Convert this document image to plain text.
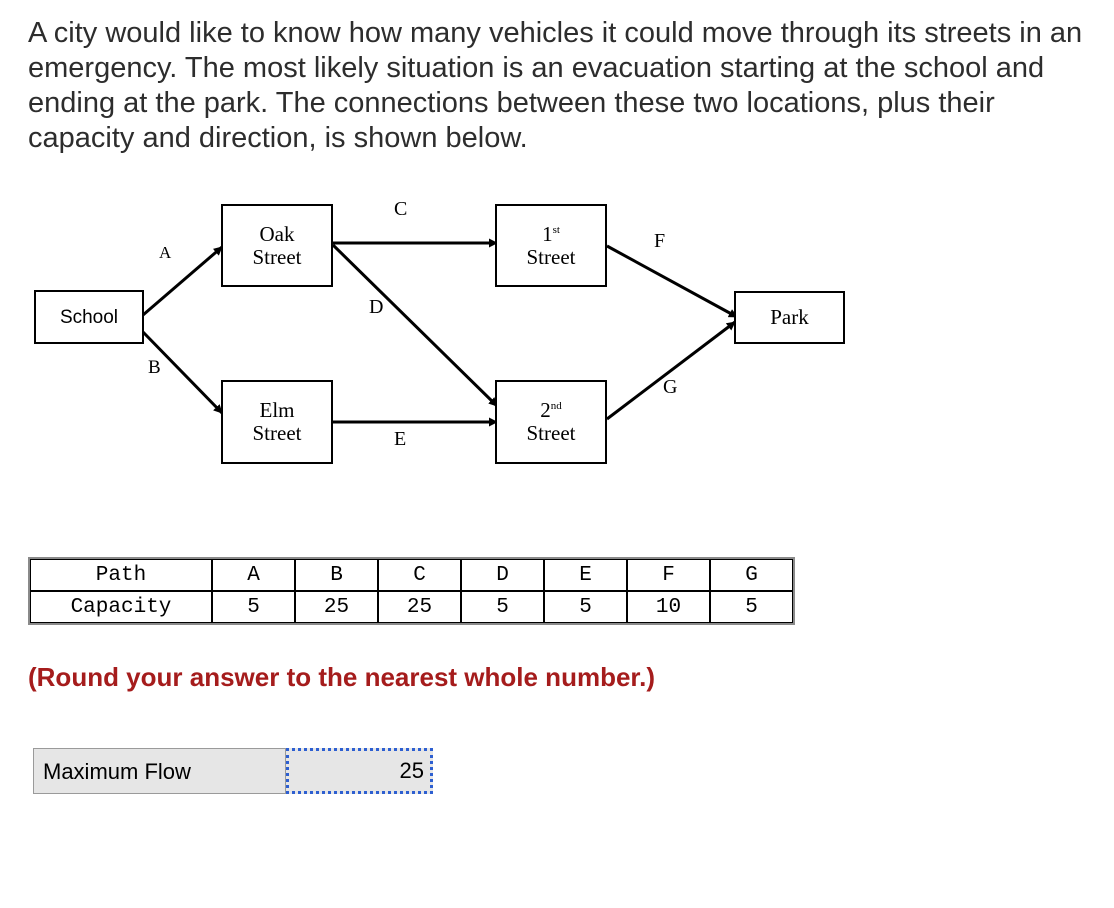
A city would like to know how many vehicles it could move through its streets in an emergency. The most likely situation is an evacuation starting at the school and ending at the park. The connections between these two locations, plus their capacity and direction, is shown below.

School
Oak
Street
Elm
Street
1st
Street
2nd
Street
Park
A
B
C
D
E
F
G
Path	A	B	C	D	E	F	G
Capacity	5	25	25	5	5	10	5
(Round your answer to the nearest whole number.)
Maximum Flow	25
